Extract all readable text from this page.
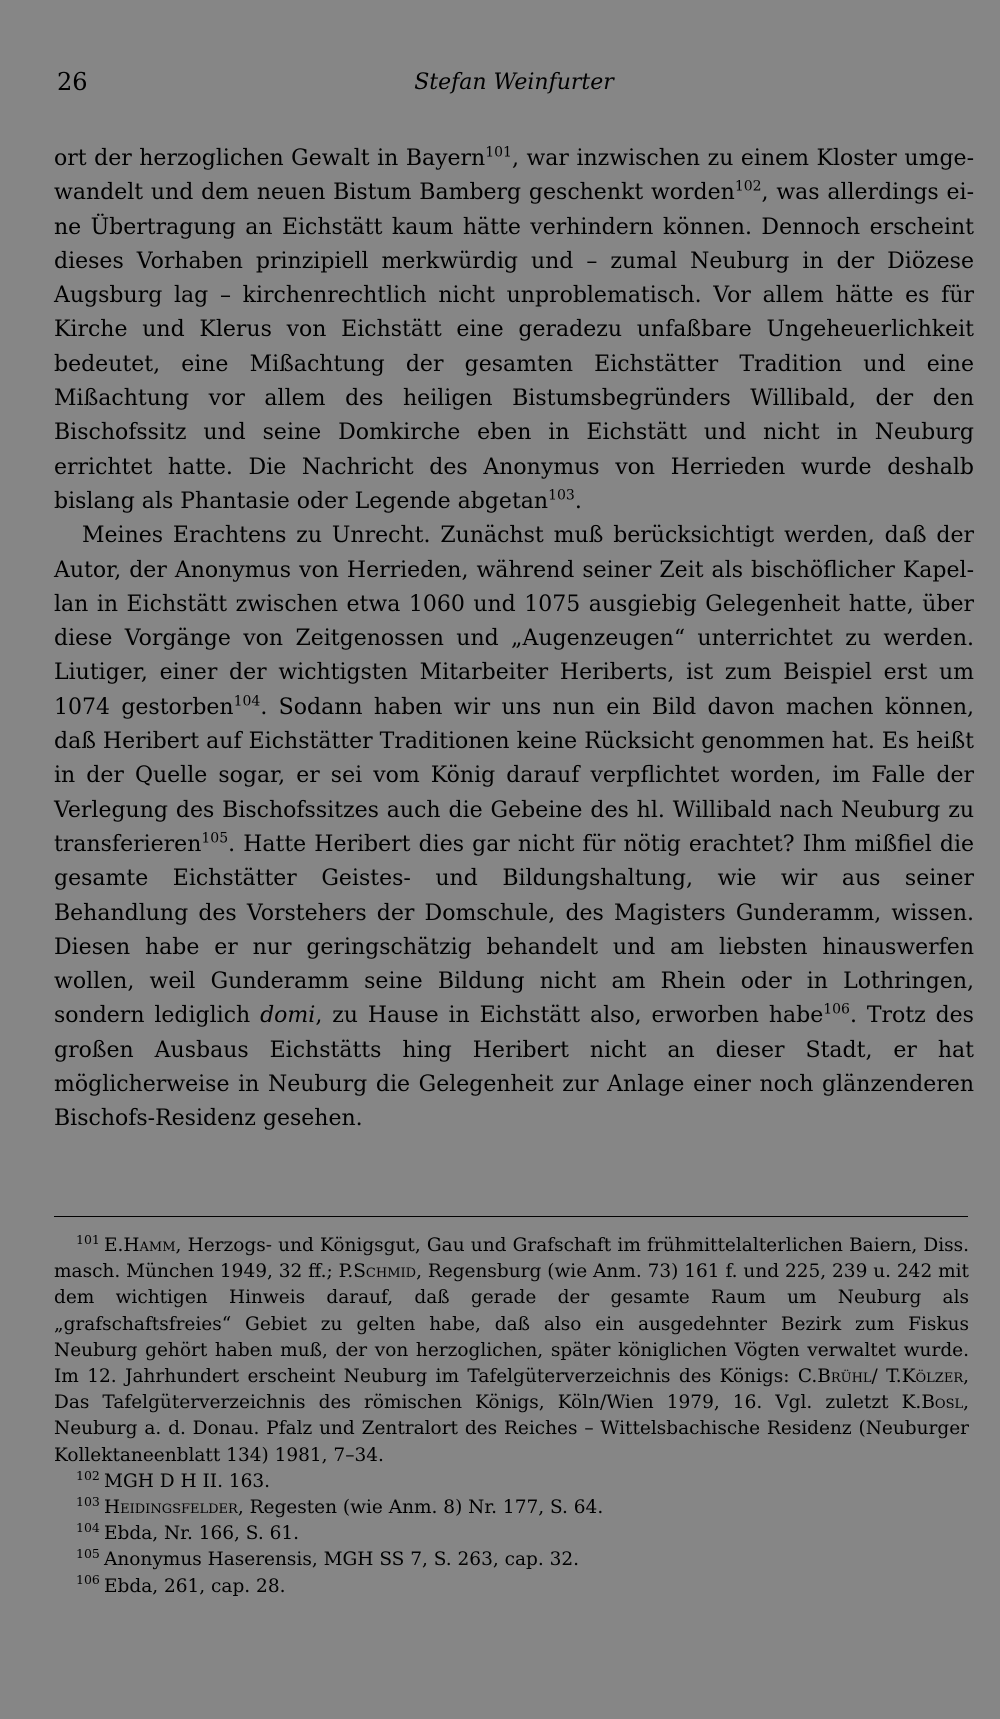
26	Stefan Weinfurter

ort der herzoglichen Gewalt in Bayern$^{101}$, war inzwischen zu einem Kloster umgewandelt und dem neuen Bistum Bamberg geschenkt worden$^{102}$, was allerdings eine Übertragung an Eichstätt kaum hätte verhindern können. Dennoch erscheint dieses Vorhaben prinzipiell merkwürdig und – zumal Neuburg in der Diözese Augsburg lag – kirchenrechtlich nicht unproblematisch. Vor allem hätte es für Kirche und Klerus von Eichstätt eine geradezu unfaßbare Ungeheuerlichkeit bedeutet, eine Mißachtung der gesamten Eichstätter Tradition und eine Mißachtung vor allem des heiligen Bistumsbegründers Willibald, der den Bischofssitz und seine Domkirche eben in Eichstätt und nicht in Neuburg errichtet hatte. Die Nachricht des Anonymus von Herrieden wurde deshalb bislang als Phantasie oder Legende abgetan$^{103}$.

Meines Erachtens zu Unrecht. Zunächst muß berücksichtigt werden, daß der Autor, der Anonymus von Herrieden, während seiner Zeit als bischöflicher Kapellan in Eichstätt zwischen etwa 1060 und 1075 ausgiebig Gelegenheit hatte, über diese Vorgänge von Zeitgenossen und „Augenzeugen“ unterrichtet zu werden. Liutiger, einer der wichtigsten Mitarbeiter Heriberts, ist zum Beispiel erst um 1074 gestorben$^{104}$. Sodann haben wir uns nun ein Bild davon machen können, daß Heribert auf Eichstätter Traditionen keine Rücksicht genommen hat. Es heißt in der Quelle sogar, er sei vom König darauf verpflichtet worden, im Falle der Verlegung des Bischofssitzes auch die Gebeine des hl. Willibald nach Neuburg zu transferieren$^{105}$. Hatte Heribert dies gar nicht für nötig erachtet? Ihm mißfiel die gesamte Eichstätter Geistes- und Bildungshaltung, wie wir aus seiner Behandlung des Vorstehers der Domschule, des Magisters Gunderamm, wissen. Diesen habe er nur geringschätzig behandelt und am liebsten hinauswerfen wollen, weil Gunderamm seine Bildung nicht am Rhein oder in Lothringen, sondern lediglich domi, zu Hause in Eichstätt also, erworben habe$^{106}$. Trotz des großen Ausbaus Eichstätts hing Heribert nicht an dieser Stadt, er hat möglicherweise in Neuburg die Gelegenheit zur Anlage einer noch glänzenderen Bischofs-Residenz gesehen.

101 E.Hamm, Herzogs- und Königsgut, Gau und Grafschaft im frühmittelalterlichen Baiern, Diss. masch. München 1949, 32 ff.; P.Schmid, Regensburg (wie Anm. 73) 161 f. und 225, 239 u. 242 mit dem wichtigen Hinweis darauf, daß gerade der gesamte Raum um Neuburg als „grafschaftsfreies“ Gebiet zu gelten habe, daß also ein ausgedehnter Bezirk zum Fiskus Neuburg gehört haben muß, der von herzoglichen, später königlichen Vögten verwaltet wurde. Im 12. Jahrhundert erscheint Neuburg im Tafelgüterverzeichnis des Königs: C.Brühl/ T.Kölzer, Das Tafelgüterverzeichnis des römischen Königs, Köln/Wien 1979, 16. Vgl. zuletzt K.Bosl, Neuburg a. d. Donau. Pfalz und Zentralort des Reiches – Wittelsbachische Residenz (Neuburger Kollektaneenblatt 134) 1981, 7–34.

102 MGH D H II. 163.

103 Heidingsfelder, Regesten (wie Anm. 8) Nr. 177, S. 64.

104 Ebda, Nr. 166, S. 61.

105 Anonymus Haserensis, MGH SS 7, S. 263, cap. 32.

106 Ebda, 261, cap. 28.
